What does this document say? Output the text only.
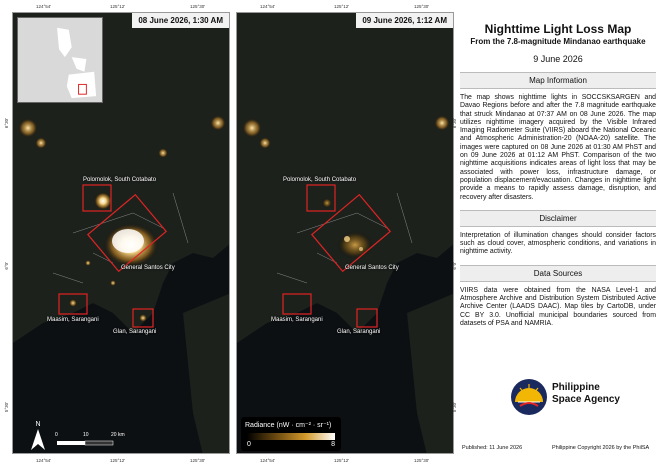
08 June 2026, 1:30 AM
Polomolok, South Cotabato
General Santos City
Maasim, Sarangani
Glan, Sarangani
N
0	10	20 km
09 June 2026, 1:12 AM
Polomolok, South Cotabato
General Santos City
Maasim, Sarangani
Glan, Sarangani
Radiance (nW · cm⁻² · sr⁻¹)
0	8
124°54'	125°12'	125°30'	124°54'	125°12'	125°30'
124°54'	125°12'	125°30'	124°54'	125°12'	125°30'
6°30'
6°0'
5°30'
6°30'
6°0'
5°30'
Nighttime Light Loss Map
From the 7.8-magnitude Mindanao earthquake
9 June 2026
Map Information
The map shows nighttime lights in SOCCSKSARGEN and Davao Regions before and after the 7.8 magnitude earthquake that struck Mindanao at 07:37 AM on 08 June 2026. The map utilizes nighttime imagery acquired by the Visible Infrared Imaging Radiometer Suite (VIIRS) aboard the National Oceanic and Atmospheric Administration-20 (NOAA-20) satellite. The images were captured on 08 June 2026 at 01:30 AM PhST and on 09 June 2026 at 01:12 AM PhST. Comparison of the two nighttime acquisitions indicates areas of light loss that may be associated with power loss, infrastructure damage, or population displacement/evacuation. Changes in nighttime light provide a means to rapidly assess damage, disruption, and recovery after disasters.
Disclaimer
Interpretation of illumination changes should consider factors such as cloud cover, atmospheric conditions, and variations in nighttime activity.
Data Sources
VIIRS data were obtained from the NASA Level-1 and Atmosphere Archive and Distribution System Distributed Active Archive Center (LAADS DAAC). Map tiles by CartoDB, under CC BY 3.0. Unofficial municipal boundaries sourced from datasets of PSA and NAMRIA.
Philippine Space Agency
Published: 11 June 2026	Philippine Copyright 2026 by the PhilSA
